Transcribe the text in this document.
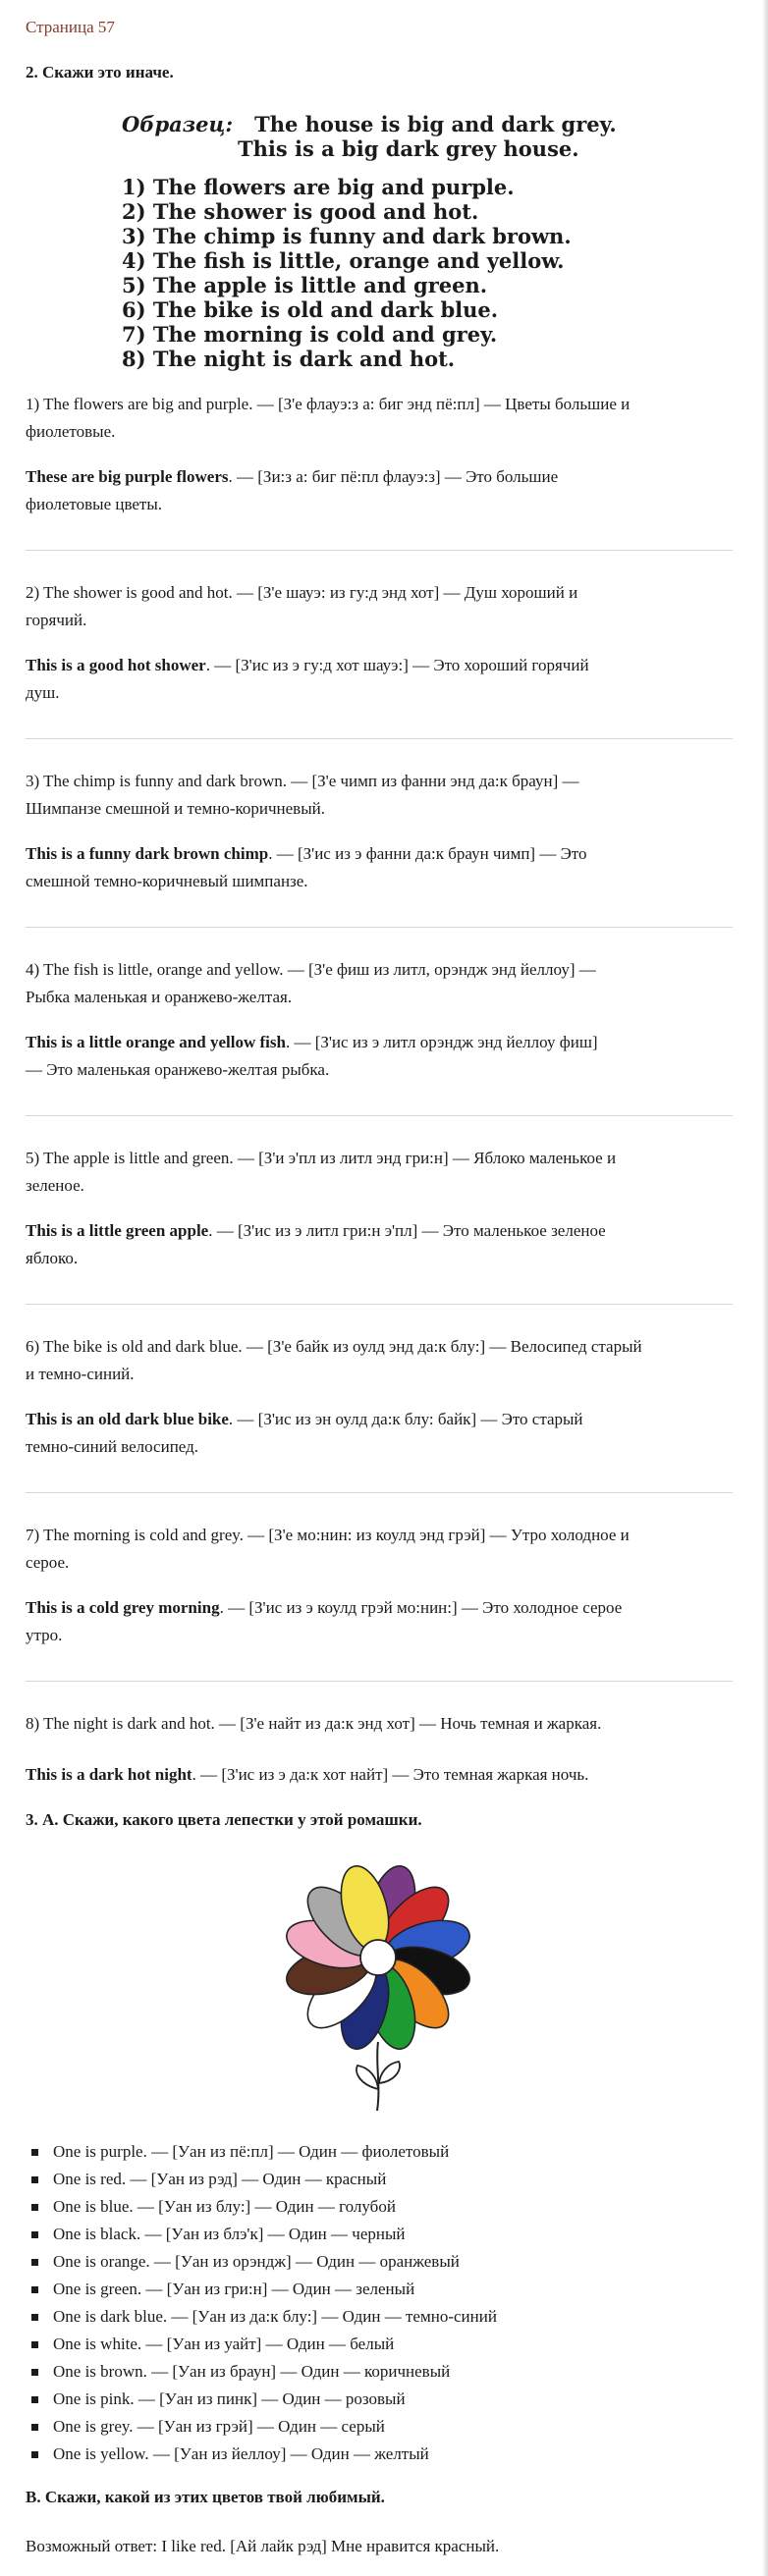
Страница 57
2. Скажи это иначе.
Образец: The house is big and dark grey.
This is a big dark grey house.
1) The flowers are big and purple.
2) The shower is good and hot.
3) The chimp is funny and dark brown.
4) The fish is little, orange and yellow.
5) The apple is little and green.
6) The bike is old and dark blue.
7) The morning is cold and grey.
8) The night is dark and hot.
1) The flowers are big and purple. — [З'е флауэ:з а: биг энд пё:пл] — Цветы большие и
фиолетовые.
These are big purple flowers. — [Зи:з а: биг пё:пл флауэ:з] — Это большие
фиолетовые цветы.
2) The shower is good and hot. — [З'е шауэ: из гу:д энд хот] — Душ хороший и
горячий.
This is a good hot shower. — [З'ис из э гу:д хот шауэ:] — Это хороший горячий
душ.
3) The chimp is funny and dark brown. — [З'е чимп из фанни энд да:к браун] —
Шимпанзе смешной и темно-коричневый.
This is a funny dark brown chimp. — [З'ис из э фанни да:к браун чимп] — Это
смешной темно-коричневый шимпанзе.
4) The fish is little, orange and yellow. — [З'е фиш из литл, орэндж энд йеллоу] —
Рыбка маленькая и оранжево-желтая.
This is a little orange and yellow fish. — [З'ис из э литл орэндж энд йеллоу фиш]
— Это маленькая оранжево-желтая рыбка.
5) The apple is little and green. — [З'и э'пл из литл энд гри:н] — Яблоко маленькое и
зеленое.
This is a little green apple. — [З'ис из э литл гри:н э'пл] — Это маленькое зеленое
яблоко.
6) The bike is old and dark blue. — [З'е байк из оулд энд да:к блу:] — Велосипед старый
и темно-синий.
This is an old dark blue bike. — [З'ис из эн оулд да:к блу: байк] — Это старый
темно-синий велосипед.
7) The morning is cold and grey. — [З'е мо:нин: из коулд энд грэй] — Утро холодное и
серое.
This is a cold grey morning. — [З'ис из э коулд грэй мо:нин:] — Это холодное серое
утро.
8) The night is dark and hot. — [З'е найт из да:к энд хот] — Ночь темная и жаркая.
This is a dark hot night. — [З'ис из э да:к хот найт] — Это темная жаркая ночь.
3. А. Скажи, какого цвета лепестки у этой ромашки.
One is purple. — [Уан из пё:пл] — Один — фиолетовый
One is red. — [Уан из рэд] — Один — красный
One is blue. — [Уан из блу:] — Один — голубой
One is black. — [Уан из блэ'к] — Один — черный
One is orange. — [Уан из орэндж] — Один — оранжевый
One is green. — [Уан из гри:н] — Один — зеленый
One is dark blue. — [Уан из да:к блу:] — Один — темно-синий
One is white. — [Уан из уайт] — Один — белый
One is brown. — [Уан из браун] — Один — коричневый
One is pink. — [Уан из пинк] — Один — розовый
One is grey. — [Уан из грэй] — Один — серый
One is yellow. — [Уан из йеллоу] — Один — желтый
B. Скажи, какой из этих цветов твой любимый.
Возможный ответ: I like red. [Ай лайк рэд] Мне нравится красный.
